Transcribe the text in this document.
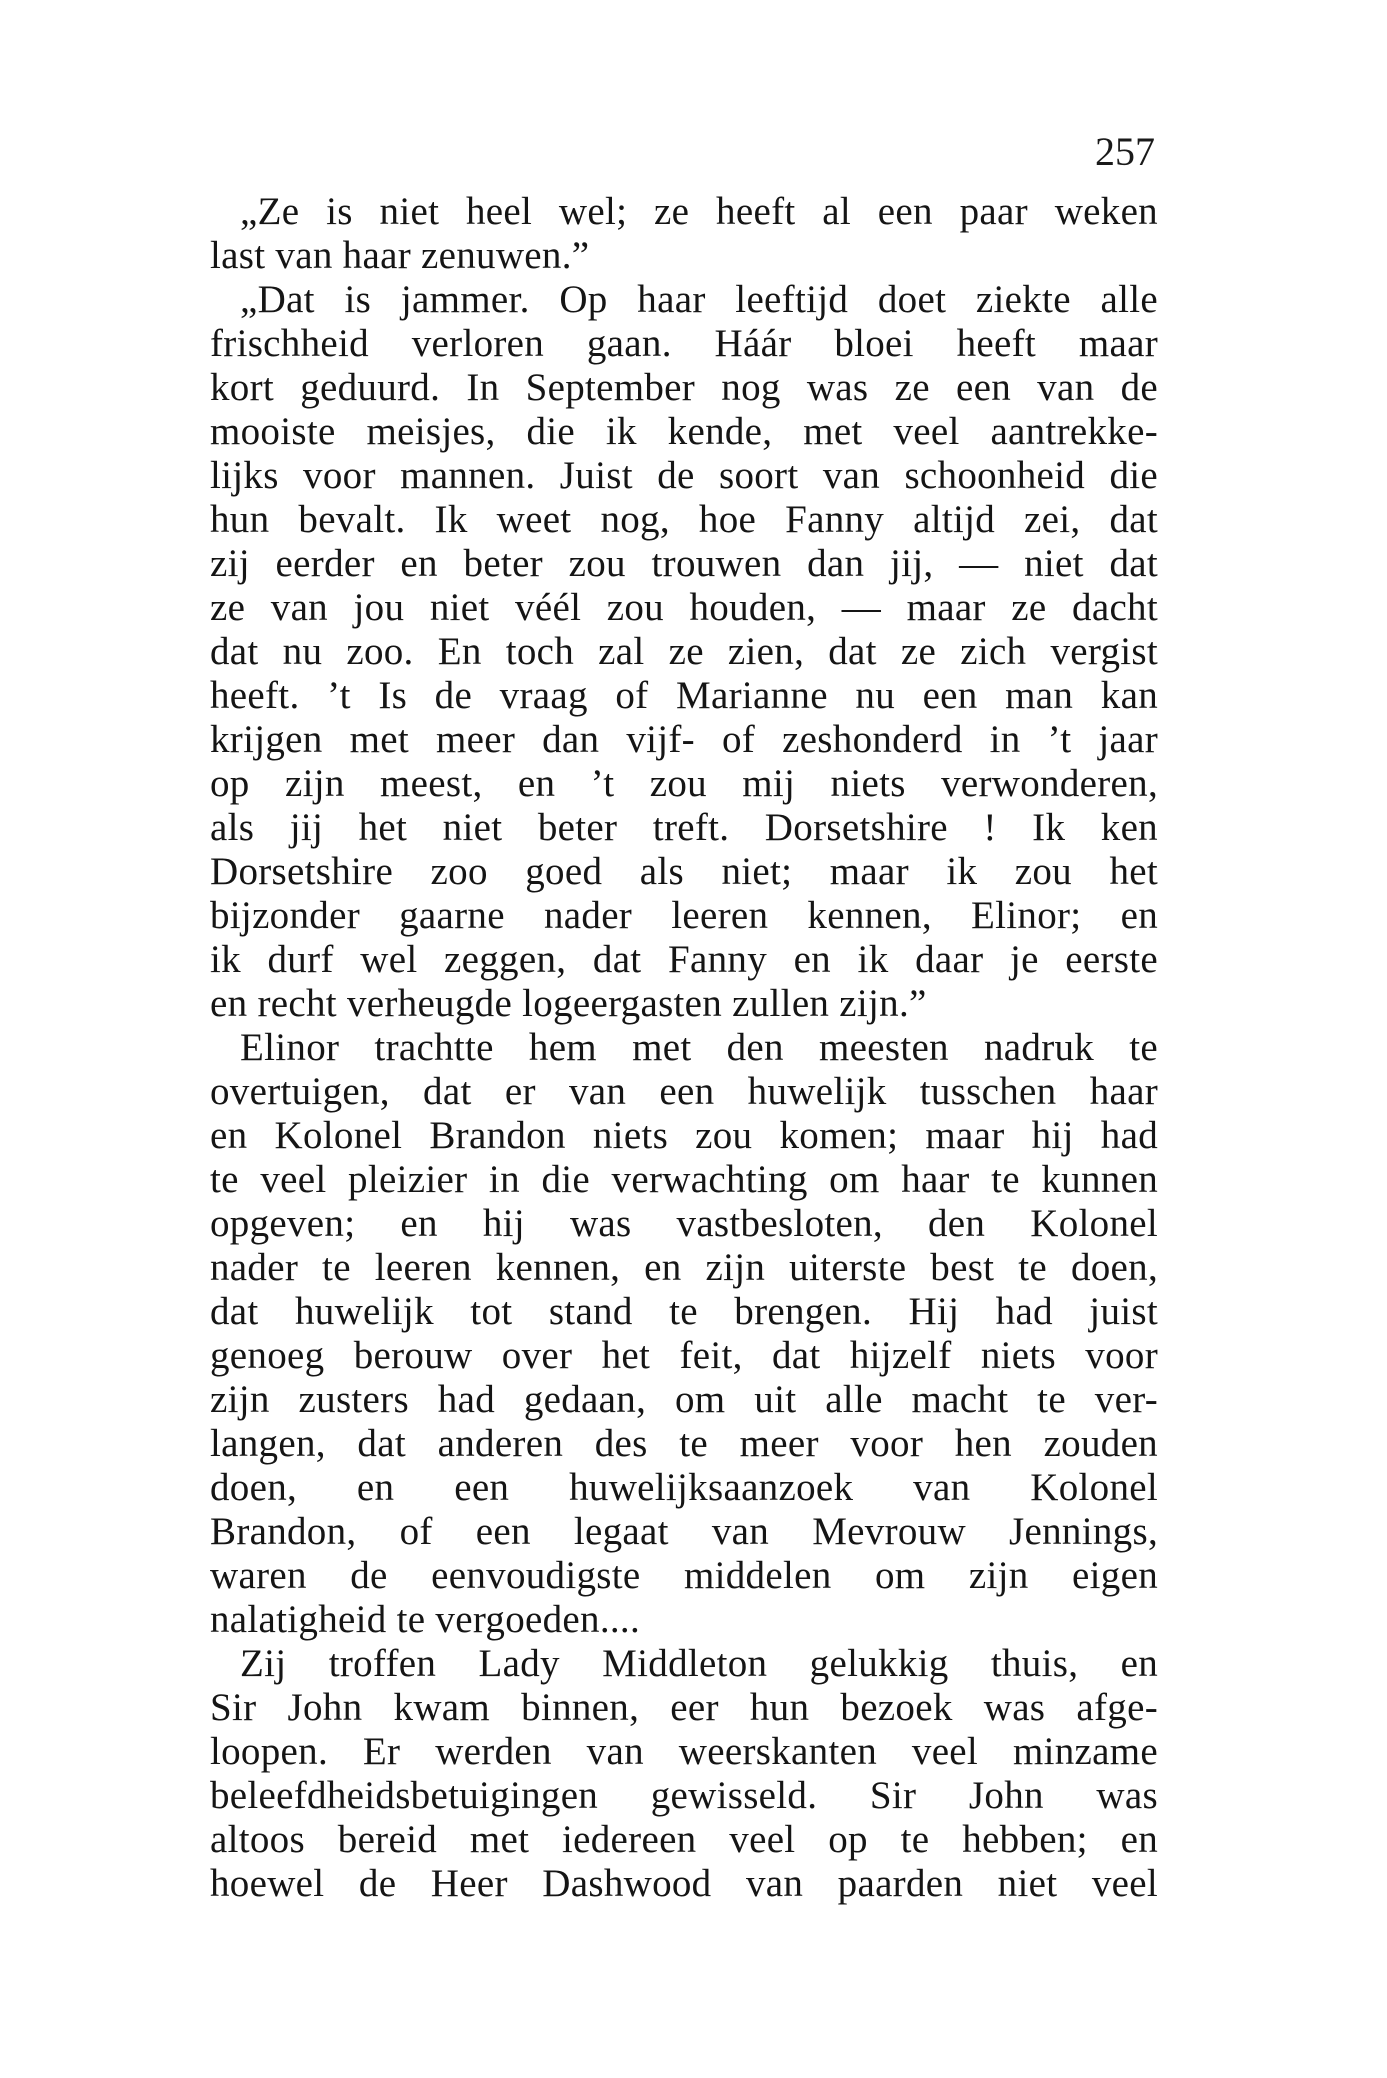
257
„Ze is niet heel wel; ze heeft al een paar weken
last van haar zenuwen.”
„Dat is jammer. Op haar leeftijd doet ziekte alle
frischheid verloren gaan. Háár bloei heeft maar
kort geduurd. In September nog was ze een van de
mooiste meisjes, die ik kende, met veel aantrekke-
lijks voor mannen. Juist de soort van schoonheid die
hun bevalt. Ik weet nog, hoe Fanny altijd zei, dat
zij eerder en beter zou trouwen dan jij, — niet dat
ze van jou niet véél zou houden, — maar ze dacht
dat nu zoo. En toch zal ze zien, dat ze zich vergist
heeft. ’t Is de vraag of Marianne nu een man kan
krijgen met meer dan vijf- of zeshonderd in ’t jaar
op zijn meest, en ’t zou mij niets verwonderen,
als jij het niet beter treft. Dorsetshire ! Ik ken
Dorsetshire zoo goed als niet; maar ik zou het
bijzonder gaarne nader leeren kennen, Elinor; en
ik durf wel zeggen, dat Fanny en ik daar je eerste
en recht verheugde logeergasten zullen zijn.”
Elinor trachtte hem met den meesten nadruk te
overtuigen, dat er van een huwelijk tusschen haar
en Kolonel Brandon niets zou komen; maar hij had
te veel pleizier in die verwachting om haar te kunnen
opgeven; en hij was vastbesloten, den Kolonel
nader te leeren kennen, en zijn uiterste best te doen,
dat huwelijk tot stand te brengen. Hij had juist
genoeg berouw over het feit, dat hijzelf niets voor
zijn zusters had gedaan, om uit alle macht te ver-
langen, dat anderen des te meer voor hen zouden
doen, en een huwelijksaanzoek van Kolonel
Brandon, of een legaat van Mevrouw Jennings,
waren de eenvoudigste middelen om zijn eigen
nalatigheid te vergoeden....
Zij troffen Lady Middleton gelukkig thuis, en
Sir John kwam binnen, eer hun bezoek was afge-
loopen. Er werden van weerskanten veel minzame
beleefdheidsbetuigingen gewisseld. Sir John was
altoos bereid met iedereen veel op te hebben; en
hoewel de Heer Dashwood van paarden niet veel
